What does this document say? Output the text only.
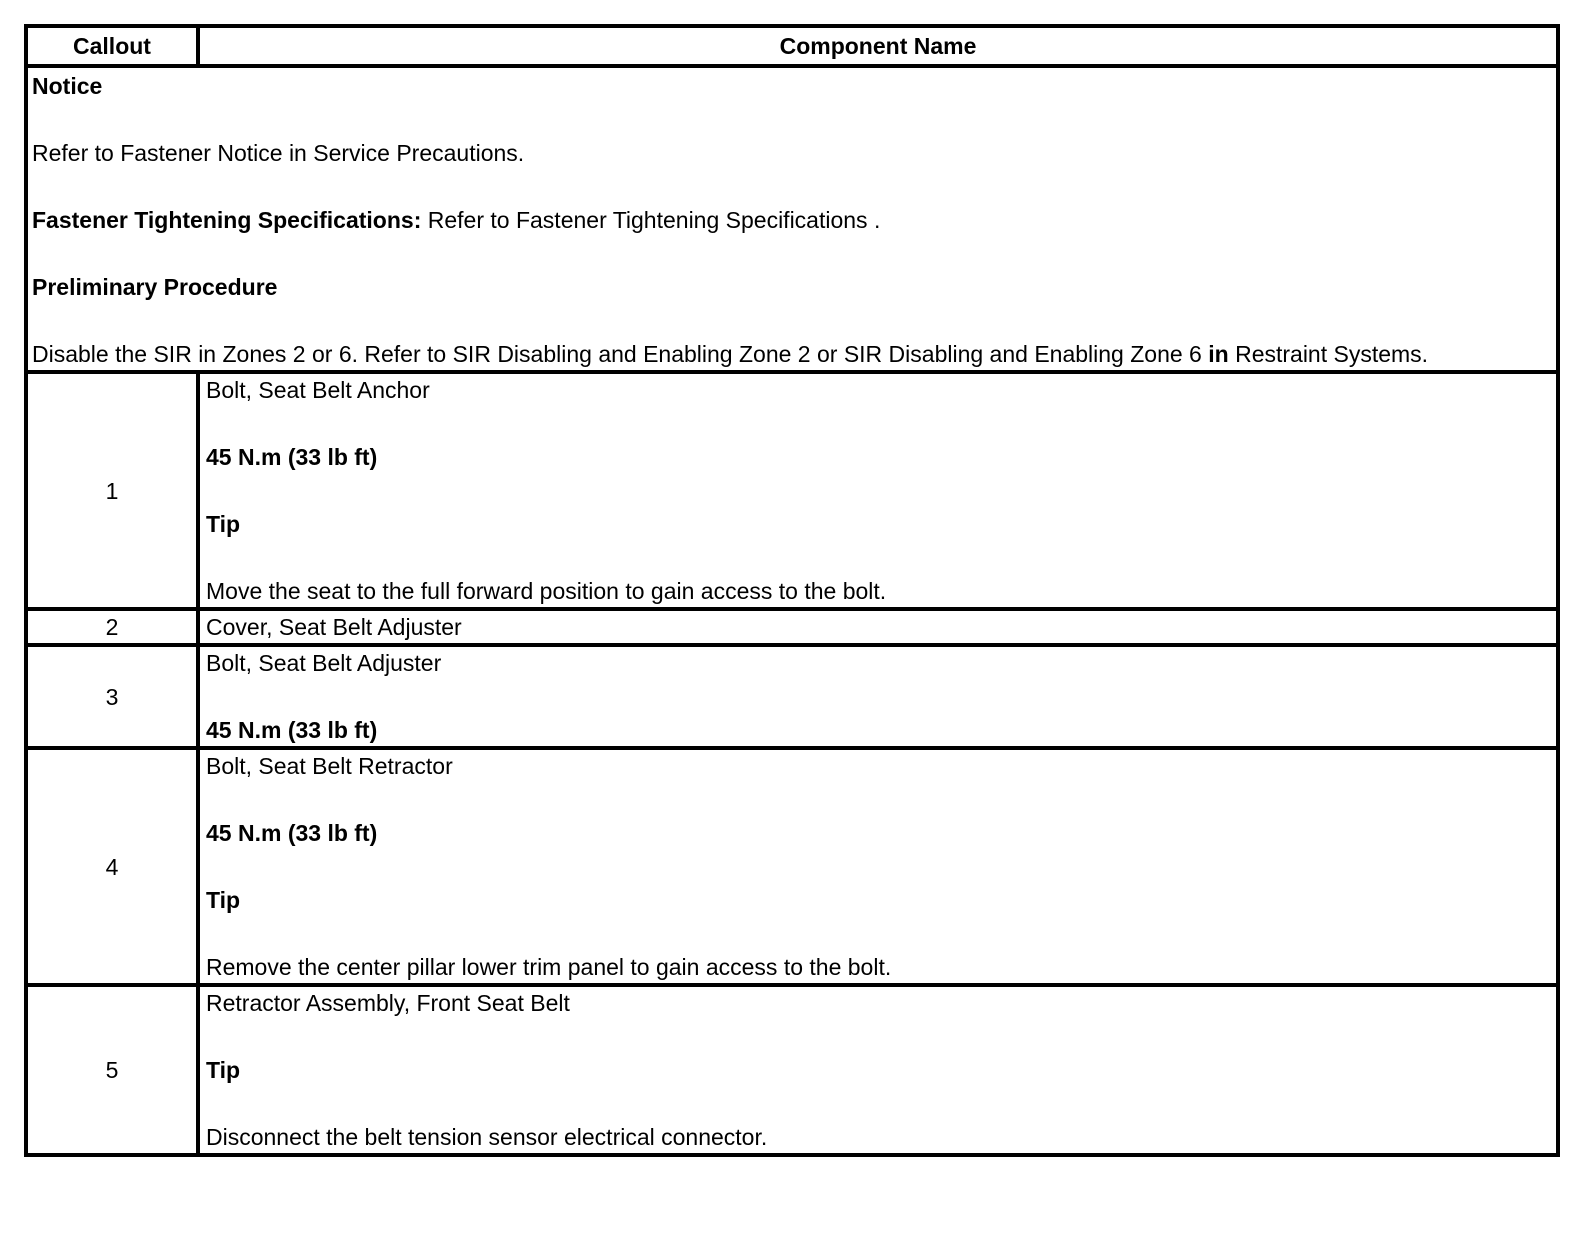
Callout	Component Name

Notice

Refer to Fastener Notice in Service Precautions.

Fastener Tightening Specifications: Refer to Fastener Tightening Specifications .

Preliminary Procedure

Disable the SIR in Zones 2 or 6. Refer to SIR Disabling and Enabling Zone 2 or SIR Disabling and Enabling Zone 6 in Restraint Systems.	

1	Bolt, Seat Belt Anchor

45 N.m (33 lb ft)

Tip

Move the seat to the full forward position to gain access to the bolt.

2	Cover, Seat Belt Adjuster

3	Bolt, Seat Belt Adjuster

45 N.m (33 lb ft)

4	Bolt, Seat Belt Retractor

45 N.m (33 lb ft)

Tip

Remove the center pillar lower trim panel to gain access to the bolt.

5	Retractor Assembly, Front Seat Belt

Tip

Disconnect the belt tension sensor electrical connector.
